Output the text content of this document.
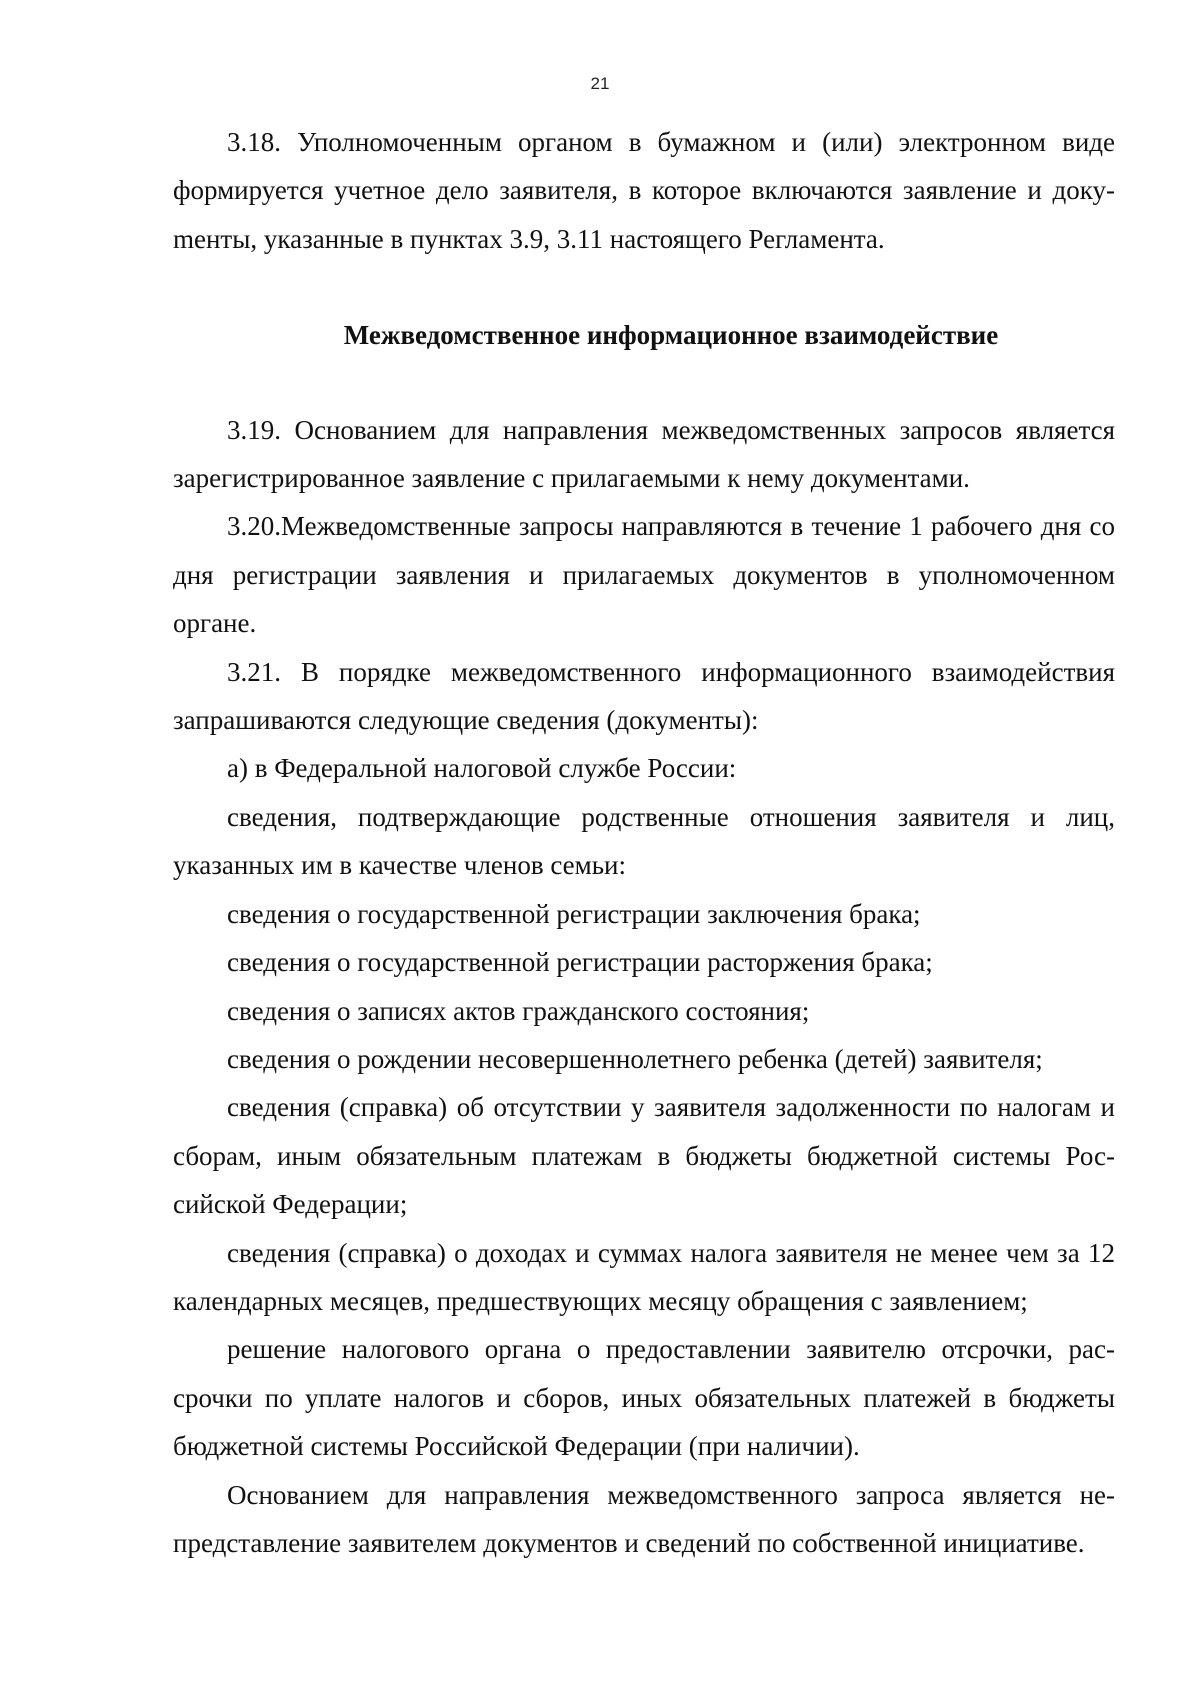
21

3.18. Уполномоченным органом в бумажном и (или) электронном виде формируется учетное дело заявителя, в которое включаются заявление и докуmенты, указанные в пунктах 3.9, 3.11 настоящего Регламента.

Межведомственное информационное взаимодействие

3.19. Основанием для направления межведомственных запросов является зарегистрированное заявление с прилагаемыми к нему документами.

3.20.Межведомственные запросы направляются в течение 1 рабочего дня со дня регистрации заявления и прилагаемых документов в уполномоченном органе.

3.21. В порядке межведомственного информационного взаимодействия запрашиваются следующие сведения (документы):

а) в Федеральной налоговой службе России:

сведения, подтверждающие родственные отношения заявителя и лиц, указанных им в качестве членов семьи:

сведения о государственной регистрации заключения брака;

сведения о государственной регистрации расторжения брака;

сведения о записях актов гражданского состояния;

сведения о рождении несовершеннолетнего ребенка (детей) заявителя;

сведения (справка) об отсутствии у заявителя задолженности по налогам и сборам, иным обязательным платежам в бюджеты бюджетной системы Российской Федерации;

сведения (справка) о доходах и суммах налога заявителя не менее чем за 12 календарных месяцев, предшествующих месяцу обращения с заявлением;

решение налогового органа о предоставлении заявителю отсрочки, рассрочки по уплате налогов и сборов, иных обязательных платежей в бюджеты бюджетной системы Российской Федерации (при наличии).

Основанием для направления межведомственного запроса является непредставление заявителем документов и сведений по собственной инициативе.
